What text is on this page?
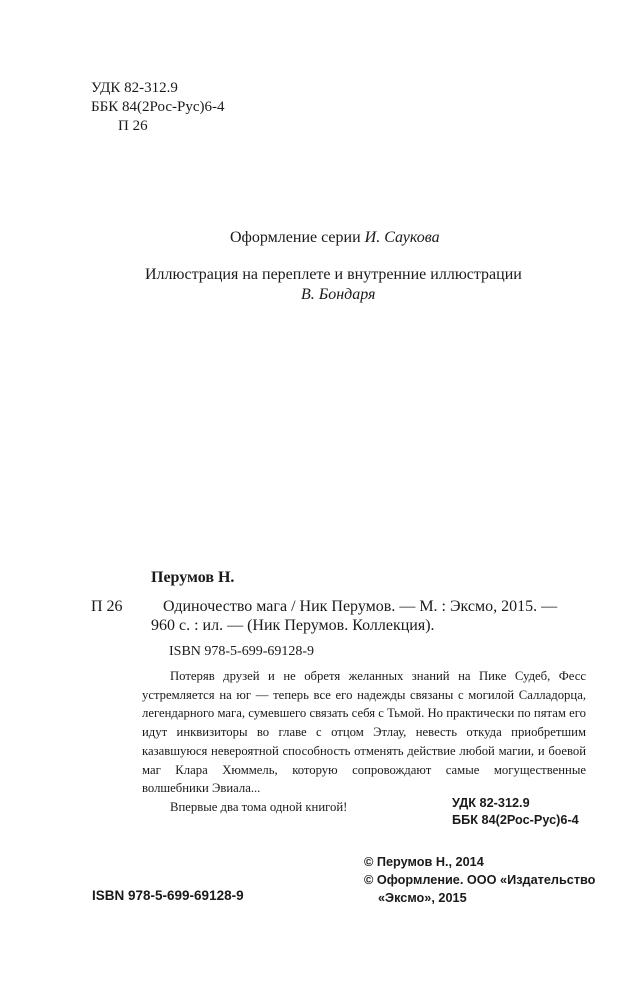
УДК 82-312.9
ББК 84(2Рос-Рус)6-4
П 26
Оформление серии И. Саукова
Иллюстрация на переплете и внутренние иллюстрации
В. Бондаря
Перумов Н.
П 26	Одиночество мага / Ник Перумов. — М. : Эксмо, 2015. —
960 с. : ил. — (Ник Перумов. Коллекция).
ISBN 978-5-699-69128-9
Потеряв друзей и не обретя желанных знаний на Пике Судеб, Фесс устремляется на юг — теперь все его надежды связаны с могилой Салладорца, легендарного мага, сумевшего связать себя с Тьмой. Но практически по пятам его идут инквизиторы во главе с отцом Этлау, невесть откуда приобретшим казавшуюся невероятной способность отменять действие любой магии, и боевой маг Клара Хюммель, которую сопровождают самые могущественные волшебники Эвиала...
Впервые два тома одной книгой!	УДК 82-312.9
ББК 84(2Рос-Рус)6-4
© Перумов Н., 2014
© Оформление. ООО «Издательство
«Эксмо», 2015
ISBN 978-5-699-69128-9
